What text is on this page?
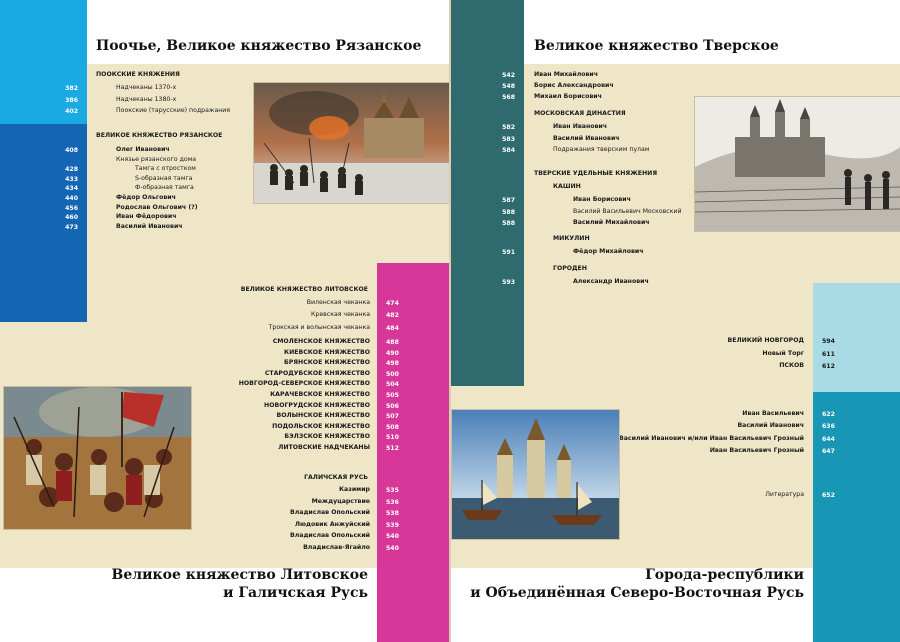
Поочье, Великое княжество Рязанское
ПООКСКИЕ КНЯЖЕНИЯ
382	Надчеканы 1370-х
386	Надчеканы 1380-х
402	Поокские (тарусские) подражания
ВЕЛИКОЕ КНЯЖЕСТВО РЯЗАНСКОЕ
408	Олег Иванович
Князье рязанского дома
428	Тамга с отростком
433	S-образная тамга
434	Ф-образная тамга
440	Фёдор Ольгович
456	Родослав Ольгович (?)
460	Иван Фёдорович
473	Василий Иванович
ВЕЛИКОЕ КНЯЖЕСТВО ЛИТОВСКОЕ
Виленская чеканка	474
Кревская чеканка	482
Трокская и волынская чеканка	484
СМОЛЕНСКОЕ КНЯЖЕСТВО	488
КИЕВСКОЕ КНЯЖЕСТВО	490
БРЯНСКОЕ КНЯЖЕСТВО	498
СТАРОДУБСКОЕ КНЯЖЕСТВО	500
НОВГОРОД-СЕВЕРСКОЕ КНЯЖЕСТВО	504
КАРАЧЕВСКОЕ КНЯЖЕСТВО	505
НОВОГРУДСКОЕ КНЯЖЕСТВО	506
ВОЛЫНСКОЕ КНЯЖЕСТВО	507
ПОДОЛЬСКОЕ КНЯЖЕСТВО	508
БЭЛЗСКОЕ КНЯЖЕСТВО	510
ЛИТОВСКИЕ НАДЧЕКАНЫ	512
ГАЛИЧСКАЯ РУСЬ
Казимир	535
Междуцарствие	536
Владислав Опольский	538
Людовик Анжуйский	539
Владислав Опольский	540
Владислав-Ягайло	540
Великое княжество Литовское
и Галичская Русь
Великое княжество Тверское
542	Иван Михайлович
548	Борис Александрович
568	Михаил Борисович
МОСКОВСКАЯ ДИНАСТИЯ
582	Иван Иванович
583	Василий Иванович
584	Подражания тверским пулам
ТВЕРСКИЕ УДЕЛЬНЫЕ КНЯЖЕНИЯ
КАШИН
587	Иван Борисович
588	Василий Васильевич Московский
588	Василий Михайлович
МИКУЛИН
591	Фёдор Михайлович
ГОРОДЕН
593	Александр Иванович
ВЕЛИКИЙ НОВГОРОД	594
Новый Торг	611
ПСКОВ	612
Иван Васильевич	622
Василий Иванович	636
Василий Иванович и/или Иван Васильевич Грозный	644
Иван Васильевич Грозный	647
Литература	652
Города-республики
и Объединённая Северо-Восточная Русь
